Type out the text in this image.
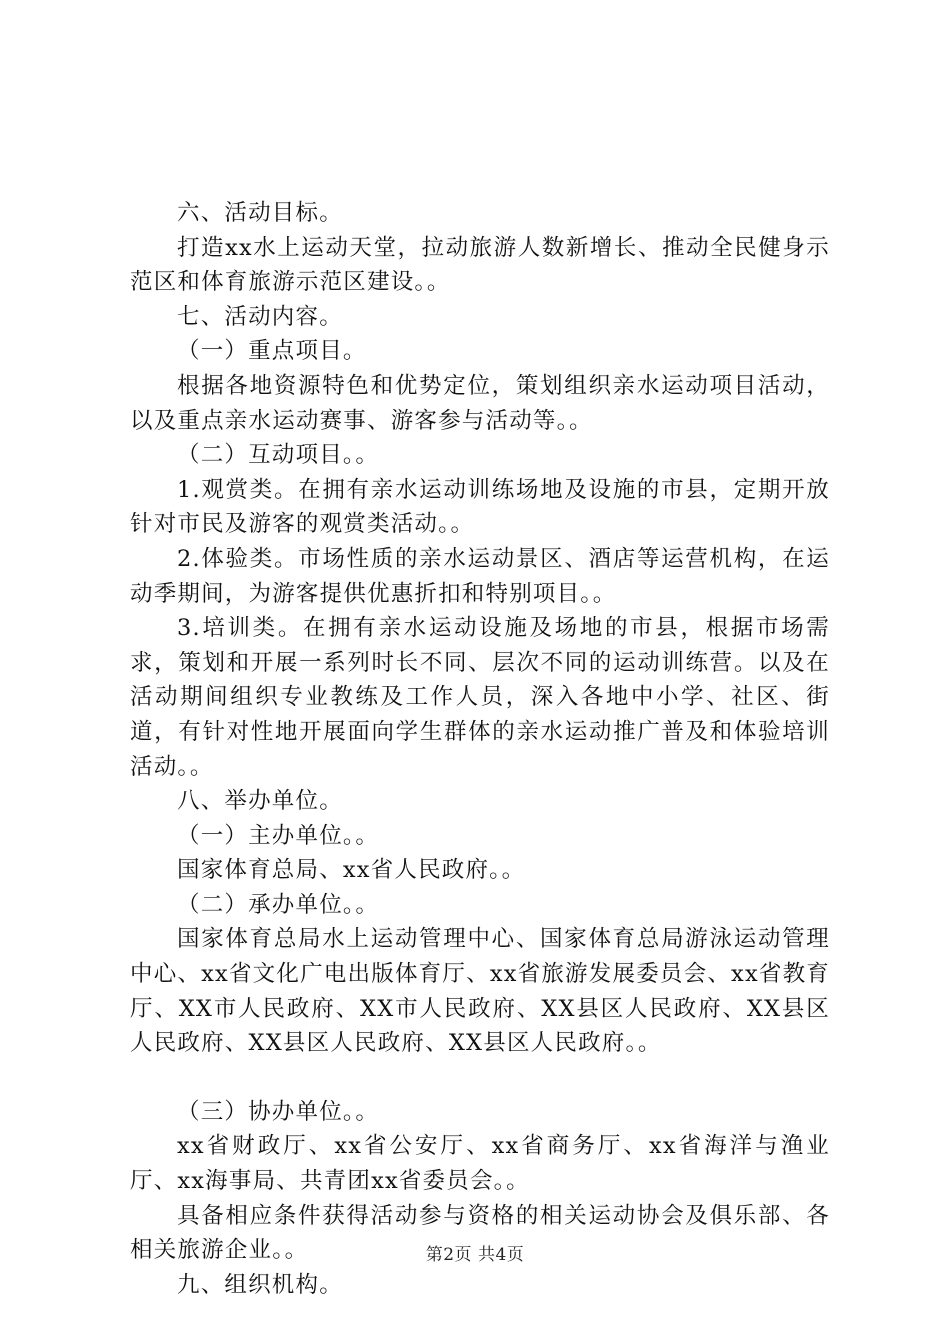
六、活动目标。

打造xx水上运动天堂，拉动旅游人数新增长、推动全民健身示范区和体育旅游示范区建设。。

七、活动内容。

（一）重点项目。

根据各地资源特色和优势定位，策划组织亲水运动项目活动，以及重点亲水运动赛事、游客参与活动等。。

（二）互动项目。。

1.观赏类。在拥有亲水运动训练场地及设施的市县，定期开放针对市民及游客的观赏类活动。。

2.体验类。市场性质的亲水运动景区、酒店等运营机构，在运动季期间，为游客提供优惠折扣和特别项目。。

3.培训类。在拥有亲水运动设施及场地的市县，根据市场需求，策划和开展一系列时长不同、层次不同的运动训练营。以及在活动期间组织专业教练及工作人员，深入各地中小学、社区、街道，有针对性地开展面向学生群体的亲水运动推广普及和体验培训活动。。

八、举办单位。

（一）主办单位。。

国家体育总局、xx省人民政府。。

（二）承办单位。。

国家体育总局水上运动管理中心、国家体育总局游泳运动管理中心、xx省文化广电出版体育厅、xx省旅游发展委员会、xx省教育厅、XX市人民政府、XX市人民政府、XX县区人民政府、XX县区人民政府、XX县区人民政府、XX县区人民政府。。

（三）协办单位。。

xx省财政厅、xx省公安厅、xx省商务厅、xx省海洋与渔业厅、xx海事局、共青团xx省委员会。。

具备相应条件获得活动参与资格的相关运动协会及俱乐部、各相关旅游企业。。

九、组织机构。

第2页 共4页
